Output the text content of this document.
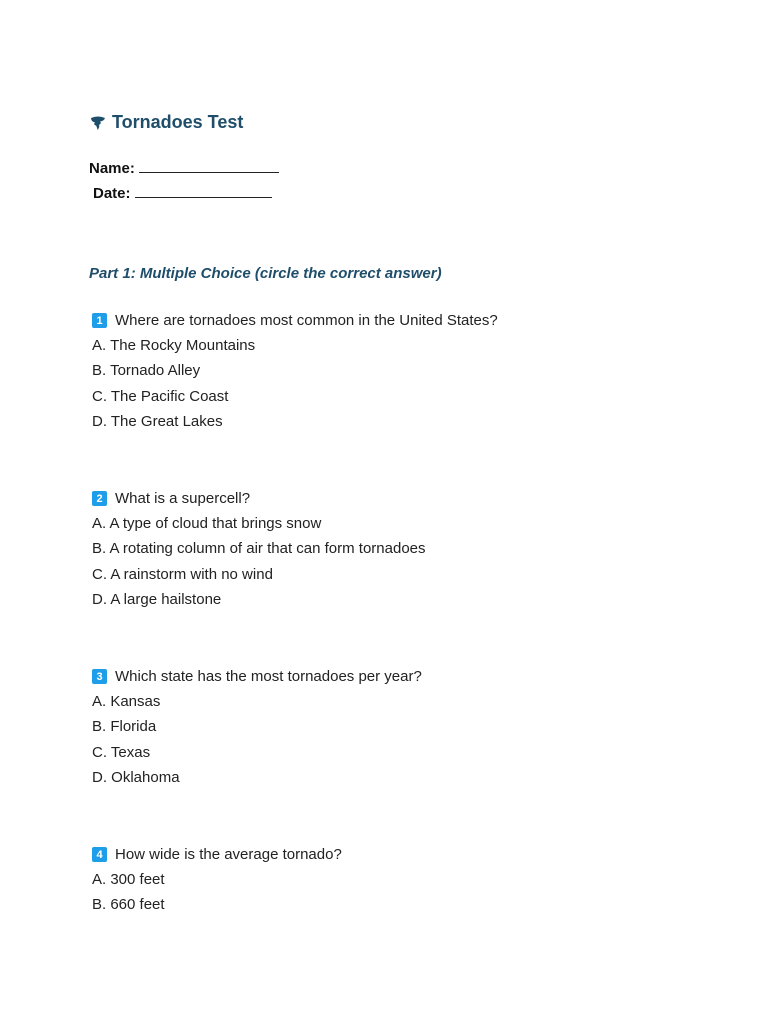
Tornadoes Test
Name:
Date:
Part 1: Multiple Choice (circle the correct answer)
1 Where are tornadoes most common in the United States?
A. The Rocky Mountains
B. Tornado Alley
C. The Pacific Coast
D. The Great Lakes
2 What is a supercell?
A. A type of cloud that brings snow
B. A rotating column of air that can form tornadoes
C. A rainstorm with no wind
D. A large hailstone
3 Which state has the most tornadoes per year?
A. Kansas
B. Florida
C. Texas
D. Oklahoma
4 How wide is the average tornado?
A. 300 feet
B. 660 feet
